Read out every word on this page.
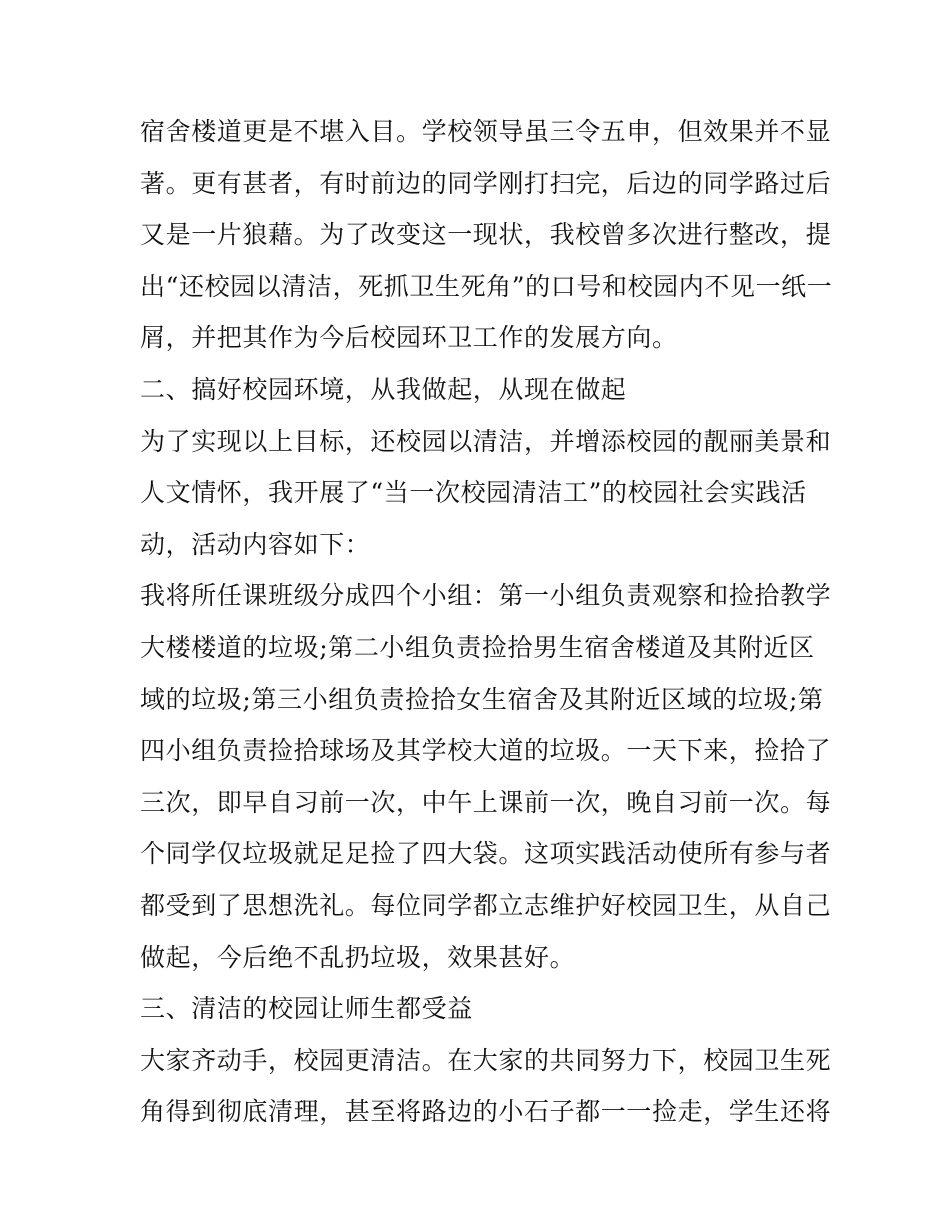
宿舍楼道更是不堪入目。学校领导虽三令五申，但效果并不显

著。更有甚者，有时前边的同学刚打扫完，后边的同学路过后

又是一片狼藉。为了改变这一现状，我校曾多次进行整改，提

出“还校园以清洁，死抓卫生死角”的口号和校园内不见一纸一

屑，并把其作为今后校园环卫工作的发展方向。

二、搞好校园环境，从我做起，从现在做起

为了实现以上目标，还校园以清洁，并增添校园的靓丽美景和

人文情怀，我开展了“当一次校园清洁工”的校园社会实践活

动，活动内容如下：

我将所任课班级分成四个小组：第一小组负责观察和捡拾教学

大楼楼道的垃圾;第二小组负责捡拾男生宿舍楼道及其附近区

域的垃圾;第三小组负责捡拾女生宿舍及其附近区域的垃圾;第

四小组负责捡拾球场及其学校大道的垃圾。一天下来，捡拾了

三次，即早自习前一次，中午上课前一次，晚自习前一次。每

个同学仅垃圾就足足捡了四大袋。这项实践活动使所有参与者

都受到了思想洗礼。每位同学都立志维护好校园卫生，从自己

做起，今后绝不乱扔垃圾，效果甚好。

三、清洁的校园让师生都受益

大家齐动手，校园更清洁。在大家的共同努力下，校园卫生死

角得到彻底清理，甚至将路边的小石子都一一捡走，学生还将
